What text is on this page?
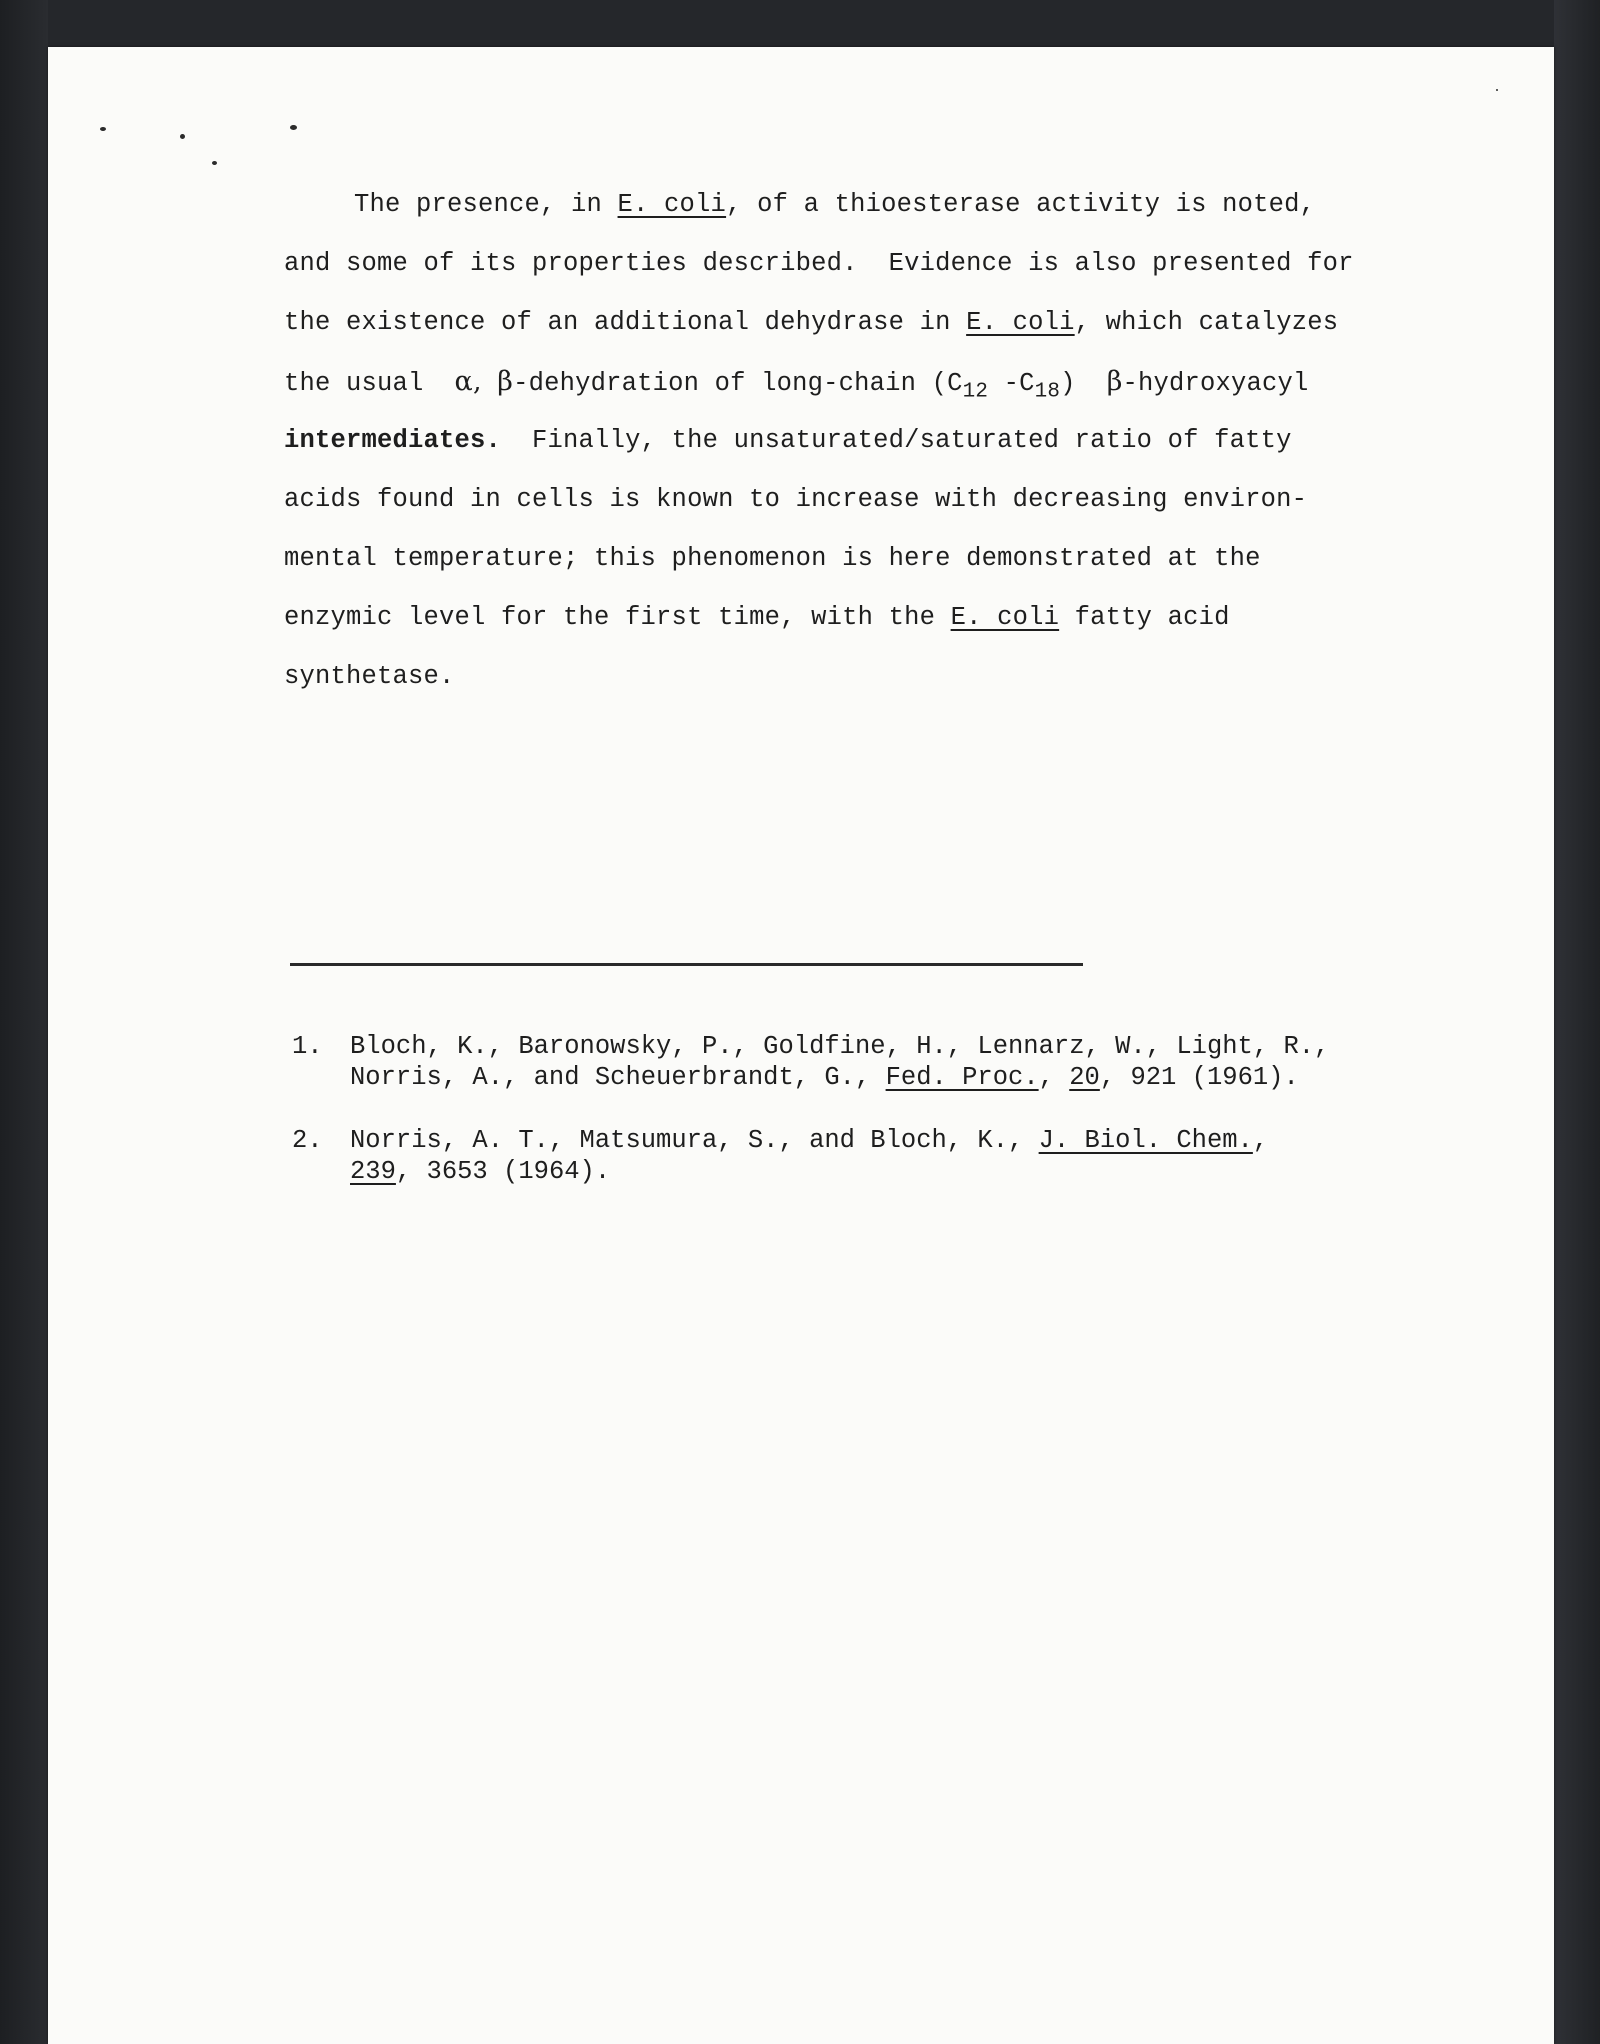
The presence, in E. coli, of a thioesterase activity is noted,
and some of its properties described.  Evidence is also presented for
the existence of an additional dehydrase in E. coli, which catalyzes
the usual  α, β-dehydration of long-chain ($C_{12}$ $-C_{18}$)  β-hydroxyacyl
intermediates.  Finally, the unsaturated/saturated ratio of fatty
acids found in cells is known to increase with decreasing environ-
mental temperature; this phenomenon is here demonstrated at the
enzymic level for the first time, with the E. coli fatty acid
synthetase.
1. Bloch, K., Baronowsky, P., Goldfine, H., Lennarz, W., Light, R.,
Norris, A., and Scheuerbrandt, G., Fed. Proc., 20, 921 (1961).
2. Norris, A. T., Matsumura, S., and Bloch, K., J. Biol. Chem.,
239, 3653 (1964).
